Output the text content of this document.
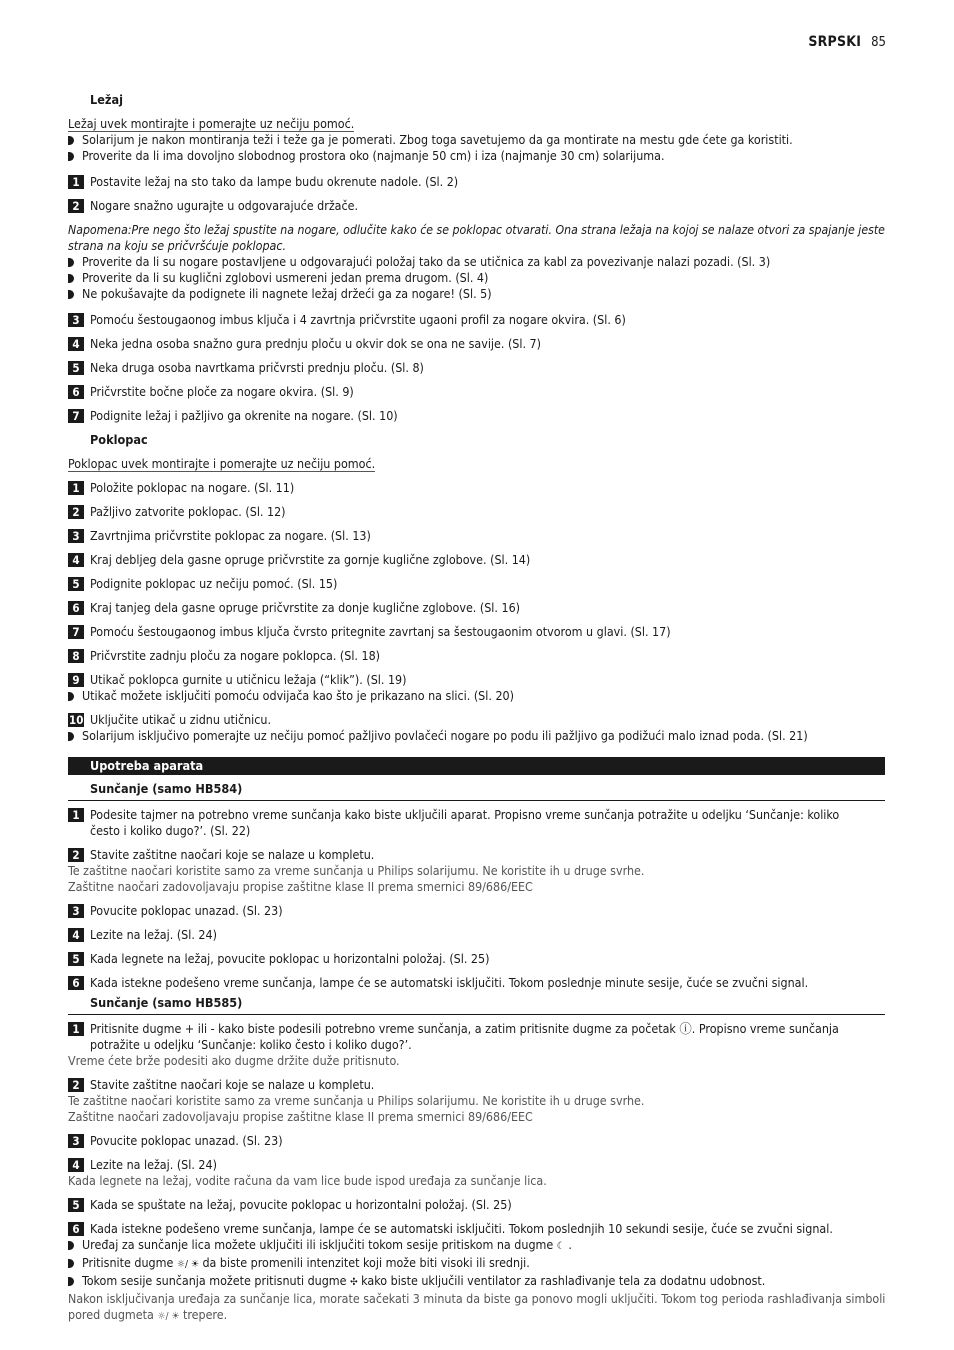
SRPSKI 85
Ležaj
Ležaj uvek montirajte i pomerajte uz nečiju pomoć.
Solarijum je nakon montiranja teži i teže ga je pomerati. Zbog toga savetujemo da ga montirate na mestu gde ćete ga koristiti.
Proverite da li ima dovoljno slobodnog prostora oko (najmanje 50 cm) i iza (najmanje 30 cm) solarijuma.
1 Postavite ležaj na sto tako da lampe budu okrenute nadole. (Sl. 2)
2 Nogare snažno ugurajte u odgovarajuće držače.
Napomena:Pre nego što ležaj spustite na nogare, odlučite kako će se poklopac otvarati. Ona strana ležaja na kojoj se nalaze otvori za spajanje jeste
strana na koju se pričvršćuje poklopac.
Proverite da li su nogare postavljene u odgovarajući položaj tako da se utičnica za kabl za povezivanje nalazi pozadi. (Sl. 3)
Proverite da li su kuglični zglobovi usmereni jedan prema drugom. (Sl. 4)
Ne pokušavajte da podignete ili nagnete ležaj držeći ga za nogare! (Sl. 5)
3 Pomoću šestougaonog imbus ključa i 4 zavrtnja pričvrstite ugaoni profil za nogare okvira. (Sl. 6)
4 Neka jedna osoba snažno gura prednju ploču u okvir dok se ona ne savije. (Sl. 7)
5 Neka druga osoba navrtkama pričvrsti prednju ploču. (Sl. 8)
6 Pričvrstite bočne ploče za nogare okvira. (Sl. 9)
7 Podignite ležaj i pažljivo ga okrenite na nogare. (Sl. 10)
Poklopac
Poklopac uvek montirajte i pomerajte uz nečiju pomoć.
1 Položite poklopac na nogare. (Sl. 11)
2 Pažljivo zatvorite poklopac. (Sl. 12)
3 Zavrtnjima pričvrstite poklopac za nogare. (Sl. 13)
4 Kraj debljeg dela gasne opruge pričvrstite za gornje kuglične zglobove. (Sl. 14)
5 Podignite poklopac uz nečiju pomoć. (Sl. 15)
6 Kraj tanjeg dela gasne opruge pričvrstite za donje kuglične zglobove. (Sl. 16)
7 Pomoću šestougaonog imbus ključa čvrsto pritegnite zavrtanj sa šestougaonim otvorom u glavi. (Sl. 17)
8 Pričvrstite zadnju ploču za nogare poklopca. (Sl. 18)
9 Utikač poklopca gurnite u utičnicu ležaja (“klik”). (Sl. 19)
Utikač možete isključiti pomoću odvijača kao što je prikazano na slici. (Sl. 20)
10 Uključite utikač u zidnu utičnicu.
Solarijum isključivo pomerajte uz nečiju pomoć pažljivo povlačeći nogare po podu ili pažljivo ga podižući malo iznad poda. (Sl. 21)
Upotreba aparata
Sunčanje (samo HB584)
1 Podesite tajmer na potrebno vreme sunčanja kako biste uključili aparat. Propisno vreme sunčanja potražite u odeljku ‘Sunčanje: koliko
često i koliko dugo?’. (Sl. 22)
2 Stavite zaštitne naočari koje se nalaze u kompletu.
Te zaštitne naočari koristite samo za vreme sunčanja u Philips solarijumu. Ne koristite ih u druge svrhe.
Zaštitne naočari zadovoljavaju propise zaštitne klase II prema smernici 89/686/EEC
3 Povucite poklopac unazad. (Sl. 23)
4 Lezite na ležaj. (Sl. 24)
5 Kada legnete na ležaj, povucite poklopac u horizontalni položaj. (Sl. 25)
6 Kada istekne podešeno vreme sunčanja, lampe će se automatski isključiti. Tokom poslednje minute sesije, čuće se zvučni signal.
Sunčanje (samo HB585)
1 Pritisnite dugme + ili - kako biste podesili potrebno vreme sunčanja, a zatim pritisnite dugme za početak ⓘ. Propisno vreme sunčanja
potražite u odeljku ‘Sunčanje: koliko često i koliko dugo?’.
Vreme ćete brže podesiti ako dugme držite duže pritisnuto.
2 Stavite zaštitne naočari koje se nalaze u kompletu.
Te zaštitne naočari koristite samo za vreme sunčanja u Philips solarijumu. Ne koristite ih u druge svrhe.
Zaštitne naočari zadovoljavaju propise zaštitne klase II prema smernici 89/686/EEC
3 Povucite poklopac unazad. (Sl. 23)
4 Lezite na ležaj. (Sl. 24)
Kada legnete na ležaj, vodite računa da vam lice bude ispod uređaja za sunčanje lica.
5 Kada se spuštate na ležaj, povucite poklopac u horizontalni položaj. (Sl. 25)
6 Kada istekne podešeno vreme sunčanja, lampe će se automatski isključiti. Tokom poslednjih 10 sekundi sesije, čuće se zvučni signal.
Uređaj za sunčanje lica možete uključiti ili isključiti tokom sesije pritiskom na dugme ☾ .
Pritisnite dugme ☼/ ☀ da biste promenili intenzitet koji može biti visoki ili srednji.
Tokom sesije sunčanja možete pritisnuti dugme ✣ kako biste uključili ventilator za rashlađivanje tela za dodatnu udobnost.
Nakon isključivanja uređaja za sunčanje lica, morate sačekati 3 minuta da biste ga ponovo mogli uključiti. Tokom tog perioda rashlađivanja simboli
pored dugmeta ☼/ ☀ trepere.
